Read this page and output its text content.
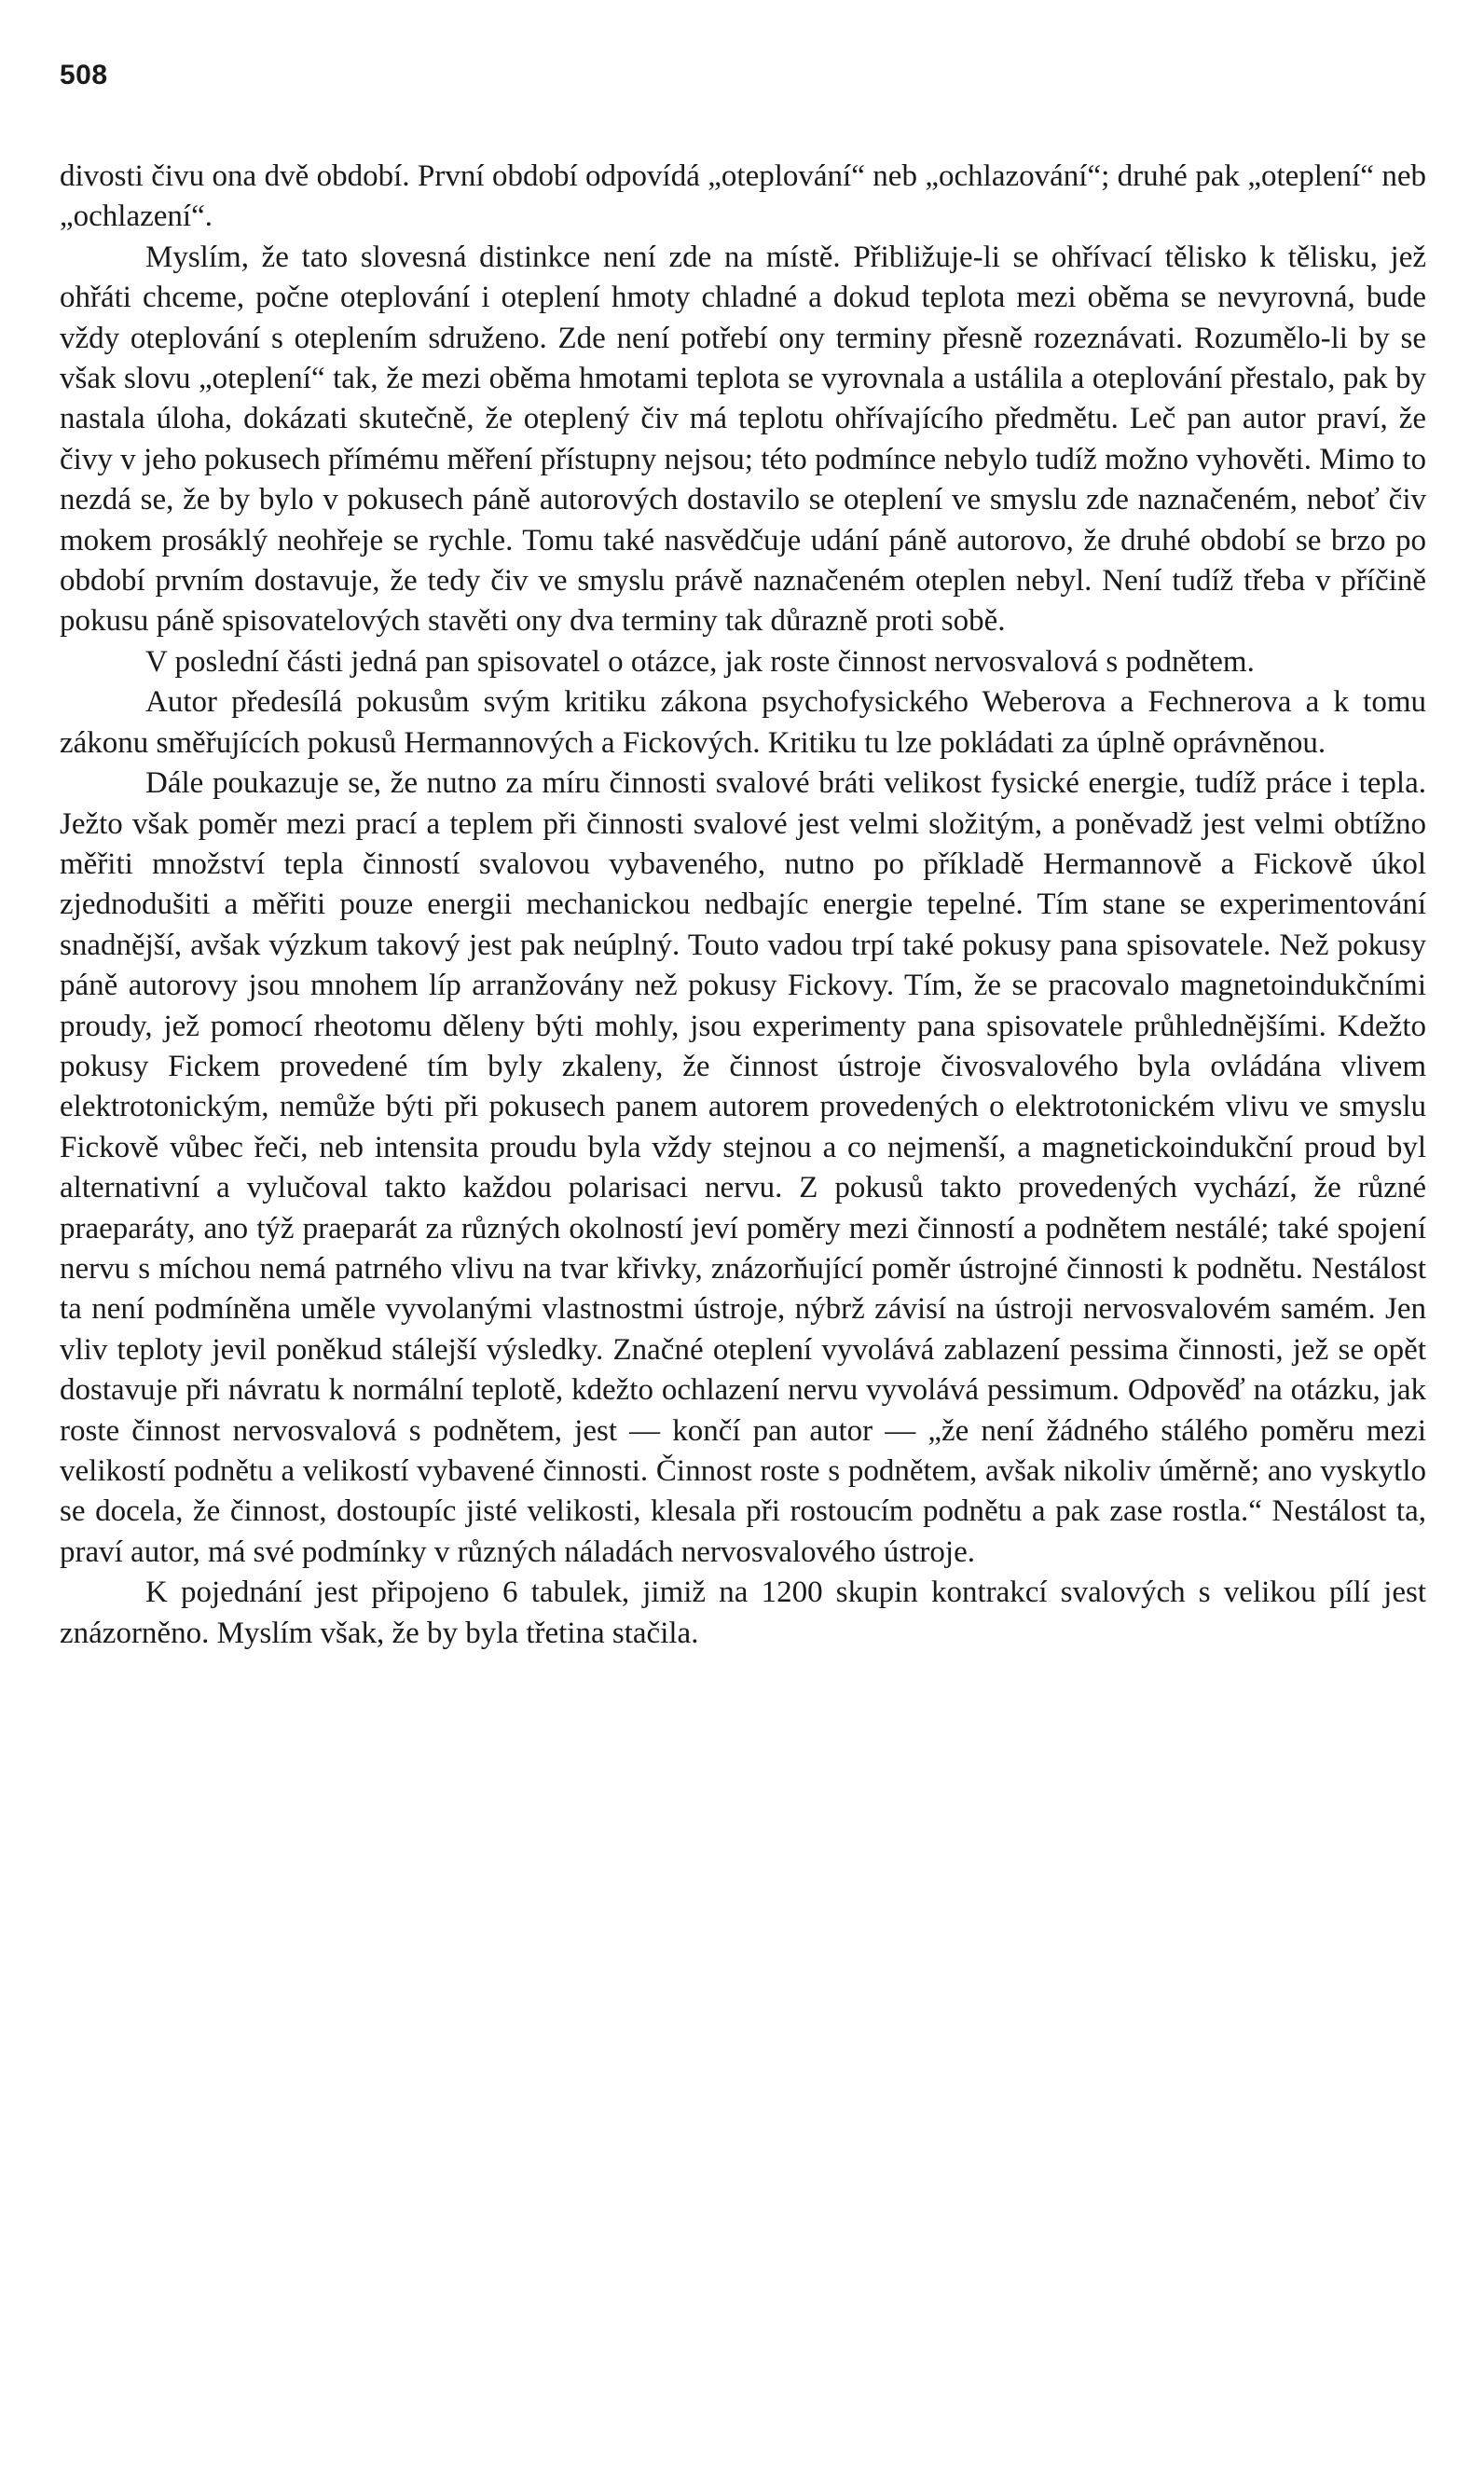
508

divosti čivu ona dvě období. První období odpovídá „oteplování“ neb „ochlazování“; druhé pak „oteplení“ neb „ochlazení“.

Myslím, že tato slovesná distinkce není zde na místě. Přibližuje-li se ohřívací tělisko k tělisku, jež ohřáti chceme, počne oteplování i oteplení hmoty chladné a dokud teplota mezi oběma se nevyrovná, bude vždy oteplování s oteplením sdruženo. Zde není potřebí ony terminy přesně rozeznávati. Rozumělo-li by se však slovu „oteplení“ tak, že mezi oběma hmotami teplota se vyrovnala a ustálila a oteplování přestalo, pak by nastala úloha, dokázati skutečně, že oteplený čiv má teplotu ohřívajícího předmětu. Leč pan autor praví, že čivy v jeho pokusech přímému měření přístupny nejsou; této podmínce nebylo tudíž možno vyhověti. Mimo to nezdá se, že by bylo v pokusech páně autorových dostavilo se oteplení ve smyslu zde naznačeném, neboť čiv mokem prosáklý neohřeje se rychle. Tomu také nasvědčuje udání páně autorovo, že druhé období se brzo po období prvním dostavuje, že tedy čiv ve smyslu právě naznačeném oteplen nebyl. Není tudíž třeba v příčině pokusu páně spisovatelových stavěti ony dva terminy tak důrazně proti sobě.

V poslední části jedná pan spisovatel o otázce, jak roste činnost nervosvalová s podnětem.

Autor předesílá pokusům svým kritiku zákona psychofysického Weberova a Fechnerova a k tomu zákonu směřujících pokusů Hermannových a Fickových. Kritiku tu lze pokládati za úplně oprávněnou.

Dále poukazuje se, že nutno za míru činnosti svalové bráti velikost fysické energie, tudíž práce i tepla. Ježto však poměr mezi prací a teplem při činnosti svalové jest velmi složitým, a poněvadž jest velmi obtížno měřiti množství tepla činností svalovou vybaveného, nutno po příkladě Hermannově a Fickově úkol zjednodušiti a měřiti pouze energii mechanickou nedbajíc energie tepelné. Tím stane se experimentování snadnější, avšak výzkum takový jest pak neúplný. Touto vadou trpí také pokusy pana spisovatele. Než pokusy páně autorovy jsou mnohem líp arranžovány než pokusy Fickovy. Tím, že se pracovalo magnetoindukčními proudy, jež pomocí rheotomu děleny býti mohly, jsou experimenty pana spisovatele průhlednějšími. Kdežto pokusy Fickem provedené tím byly zkaleny, že činnost ústroje čivosvalového byla ovládána vlivem elektrotonickým, nemůže býti při pokusech panem autorem provedených o elektrotonickém vlivu ve smyslu Fickově vůbec řeči, neb intensita proudu byla vždy stejnou a co nejmenší, a magnetickoindukční proud byl alternativní a vylučoval takto každou polarisaci nervu. Z pokusů takto provedených vychází, že různé praeparáty, ano týž praeparát za různých okolností jeví poměry mezi činností a podnětem nestálé; také spojení nervu s míchou nemá patrného vlivu na tvar křivky, znázorňující poměr ústrojné činnosti k podnětu. Nestálost ta není podmíněna uměle vyvolanými vlastnostmi ústroje, nýbrž závisí na ústroji nervosvalovém samém. Jen vliv teploty jevil poněkud stálejší výsledky. Značné oteplení vyvolává zablazení pessima činnosti, jež se opět dostavuje při návratu k normální teplotě, kdežto ochlazení nervu vyvolává pessimum. Odpověď na otázku, jak roste činnost nervosvalová s podnětem, jest — končí pan autor — „že není žádného stálého poměru mezi velikostí podnětu a velikostí vybavené činnosti. Činnost roste s podnětem, avšak nikoliv úměrně; ano vyskytlo se docela, že činnost, dostoupíc jisté velikosti, klesala při rostoucím podnětu a pak zase rostla.“ Nestálost ta, praví autor, má své podmínky v různých náladách nervosvalového ústroje.

K pojednání jest připojeno 6 tabulek, jimiž na 1200 skupin kontrakcí svalových s velikou pílí jest znázorněno. Myslím však, že by byla třetina stačila.
